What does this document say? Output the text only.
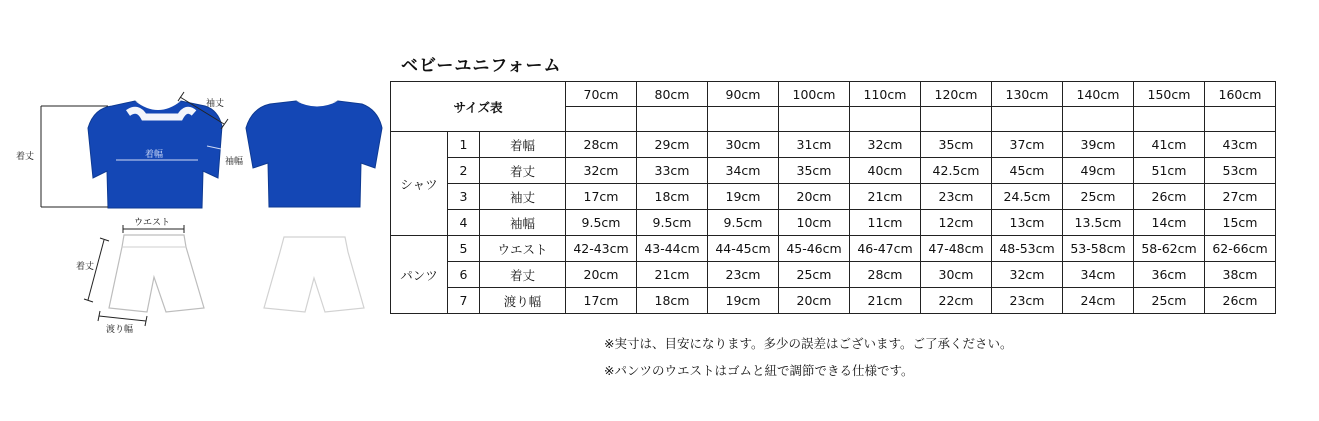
着丈
袖丈
着幅
袖幅
ウエスト
着丈
渡り幅
ベビーユニフォーム
サイズ表			70cm	80cm	90cm	100cm	110cm	120cm	130cm	140cm	150cm	160cm

シャツ	1	着幅	28cm	29cm	30cm	31cm	32cm	35cm	37cm	39cm	41cm	43cm
	2	着丈	32cm	33cm	34cm	35cm	40cm	42.5cm	45cm	49cm	51cm	53cm
	3	袖丈	17cm	18cm	19cm	20cm	21cm	23cm	24.5cm	25cm	26cm	27cm
	4	袖幅	9.5cm	9.5cm	9.5cm	10cm	11cm	12cm	13cm	13.5cm	14cm	15cm
パンツ	5	ウエスト	42-43cm	43-44cm	44-45cm	45-46cm	46-47cm	47-48cm	48-53cm	53-58cm	58-62cm	62-66cm
	6	着丈	20cm	21cm	23cm	25cm	28cm	30cm	32cm	34cm	36cm	38cm
	7	渡り幅	17cm	18cm	19cm	20cm	21cm	22cm	23cm	24cm	25cm	26cm
※実寸は、目安になります。多少の誤差はございます。ご了承ください。
※パンツのウエストはゴムと紐で調節できる仕様です。
